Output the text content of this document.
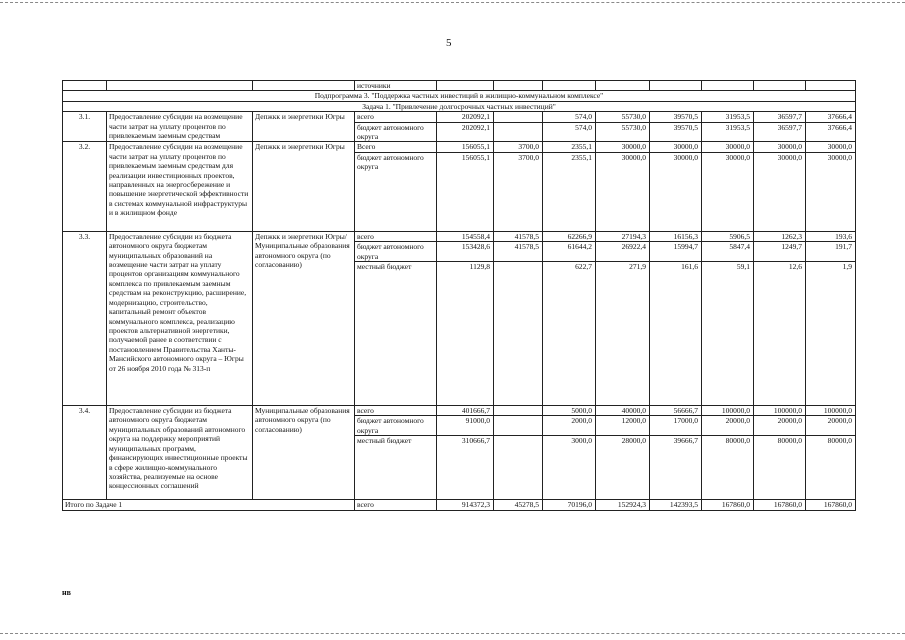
5
			источники								
Подпрограмма 3. "Поддержка частных инвестиций в жилищно-коммунальном комплексе"											
Задача 1. "Привлечение долгосрочных частных инвестиций"											
3.1.	Предоставление субсидии на возмещение части затрат на уплату процентов по привлекаемым заемным средствам	Депжкк и энергетики Югры	всего	202092,1		574,0	55730,0	39570,5	31953,5	36597,7	37666,4
			бюджет автономного округа	202092,1		574,0	55730,0	39570,5	31953,5	36597,7	37666,4
3.2.	Предоставление субсидии на возмещение части затрат на уплату процентов по привлекаемым заемным средствам для реализации инвестиционных проектов, направленных на энергосбережение и повышение энергетической эффективности в системах коммунальной инфраструктуры и в жилищном фонде	Депжкк и энергетики Югры	Всего	156055,1	3700,0	2355,1	30000,0	30000,0	30000,0	30000,0	30000,0
			бюджет автономного округа	156055,1	3700,0	2355,1	30000,0	30000,0	30000,0	30000,0	30000,0
3.3.	Предоставление субсидии из бюджета автономного округа бюджетам муниципальных образований на возмещение части затрат на уплату процентов организациям коммунального комплекса по привлекаемым заемным средствам на реконструкцию, расширение, модернизацию, строительство, капитальный ремонт объектов коммунального комплекса, реализацию проектов альтернативной энергетики, получаемой ранее в соответствии с постановлением Правительства Ханты-Мансийского автономного округа – Югры от 26 ноября 2010 года № 313-п	Депжкк и энергетики Югры/ Муниципальные образования автономного округа (по согласованию)	всего	154558,4	41578,5	62266,9	27194,3	16156,3	5906,5	1262,3	193,6
			бюджет автономного округа	153428,6	41578,5	61644,2	26922,4	15994,7	5847,4	1249,7	191,7
			местный бюджет	1129,8		622,7	271,9	161,6	59,1	12,6	1,9
3.4.	Предоставление субсидии из бюджета автономного округа бюджетам муниципальных образований автономного округа на поддержку мероприятий муниципальных программ, финансирующих инвестиционные проекты в сфере жилищно-коммунального хозяйства, реализуемые на основе концессионных соглашений	Муниципальные образования автономного округа (по согласованию)	всего	401666,7		5000,0	40000,0	56666,7	100000,0	100000,0	100000,0
			бюджет автономного округа	91000,0		2000,0	12000,0	17000,0	20000,0	20000,0	20000,0
			местный бюджет	310666,7		3000,0	28000,0	39666,7	80000,0	80000,0	80000,0
Итого по Задаче 1			всего	914372,3	45278,5	70196,0	152924,3	142393,5	167860,0	167860,0	167860,0
нв
